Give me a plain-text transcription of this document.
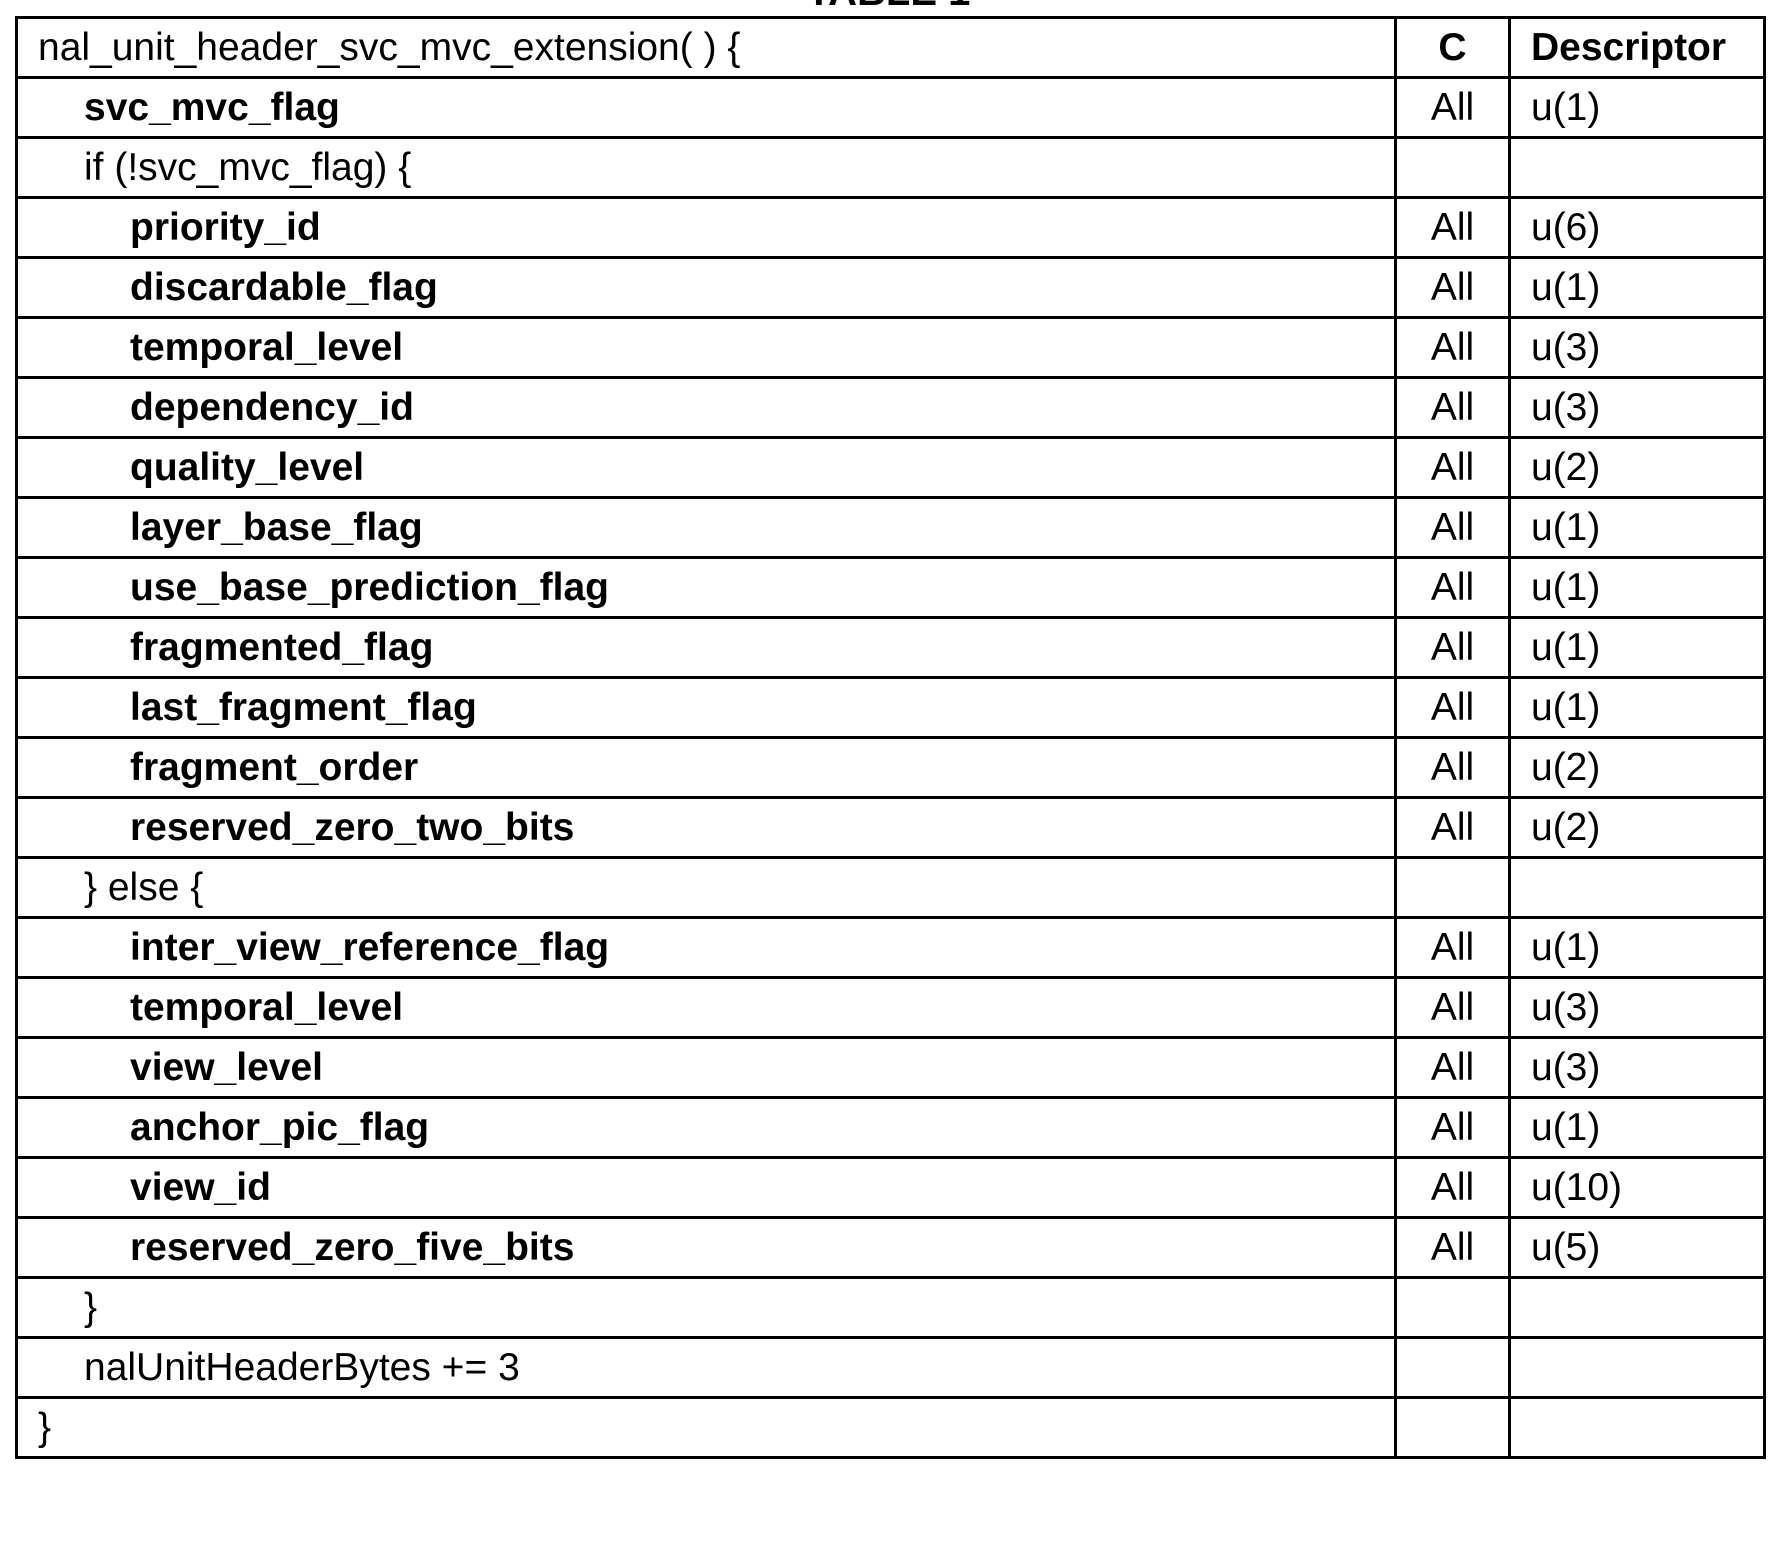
nal_unit_header_svc_mvc_extension( ) {	C	Descriptor
svc_mvc_flag	All	u(1)
if (!svc_mvc_flag) {		
priority_id	All	u(6)
discardable_flag	All	u(1)
temporal_level	All	u(3)
dependency_id	All	u(3)
quality_level	All	u(2)
layer_base_flag	All	u(1)
use_base_prediction_flag	All	u(1)
fragmented_flag	All	u(1)
last_fragment_flag	All	u(1)
fragment_order	All	u(2)
reserved_zero_two_bits	All	u(2)
} else {		
inter_view_reference_flag	All	u(1)
temporal_level	All	u(3)
view_level	All	u(3)
anchor_pic_flag	All	u(1)
view_id	All	u(10)
reserved_zero_five_bits	All	u(5)
}		
nalUnitHeaderBytes += 3		
}		
